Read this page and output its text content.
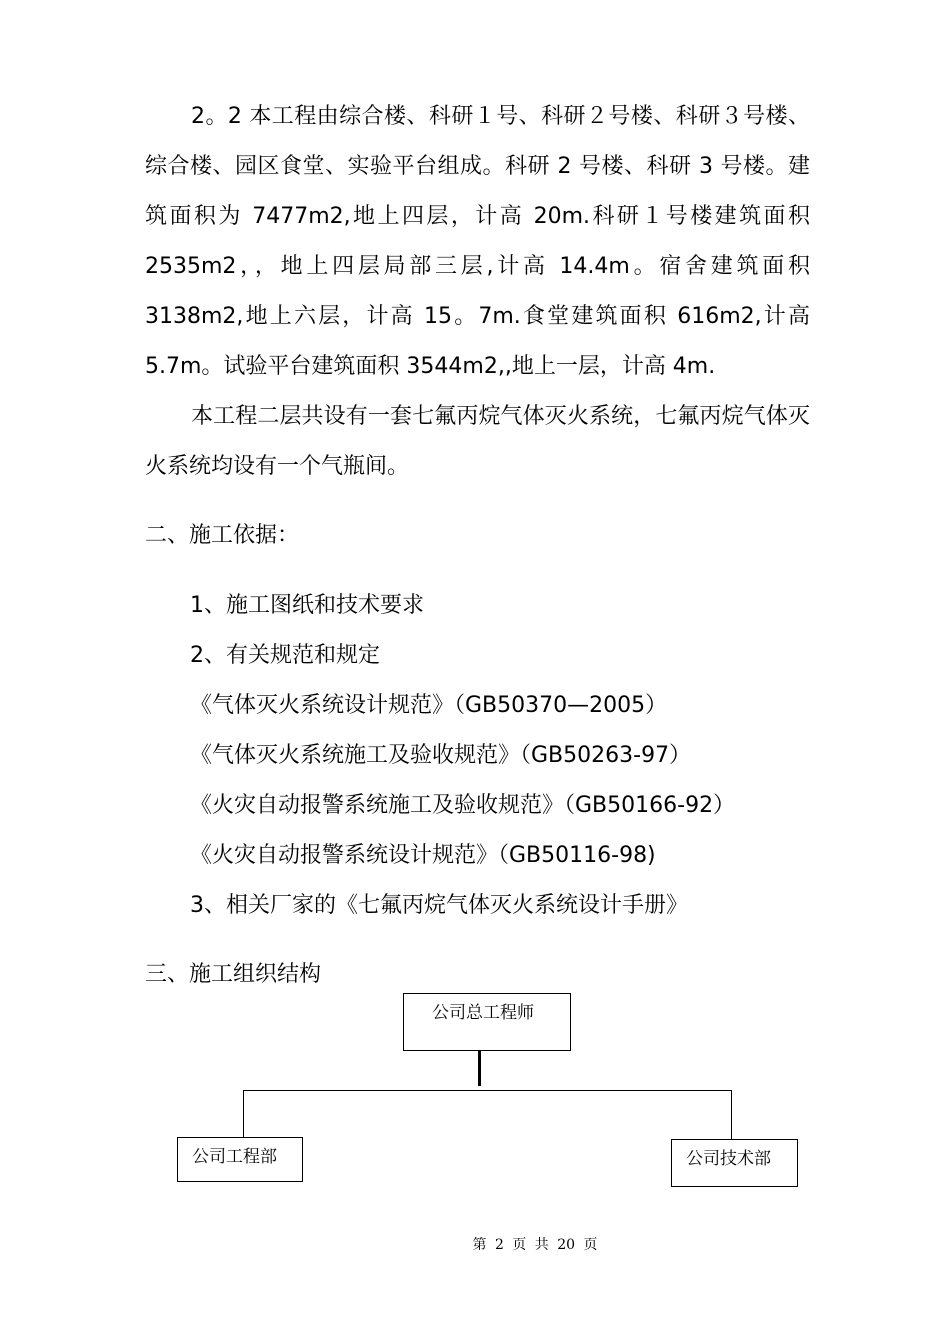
2。2 本工程由综合楼、科研１号、科研２号楼、科研３号楼、综合楼、园区食堂、实验平台组成。科研 2 号楼、科研 3 号楼。建筑面积为 7477m2,地上四层，计高 20m.科研１号楼建筑面积 2535m2，，地上四层局部三层,计高 14.4m。宿舍建筑面积 3138m2,地上六层，计高 15。7m.食堂建筑面积 616m2,计高 5.7m。试验平台建筑面积 3544m2,,地上一层，计高 4m.

本工程二层共设有一套七氟丙烷气体灭火系统，七氟丙烷气体灭火系统均设有一个气瓶间。

二、施工依据：

1、施工图纸和技术要求
2、有关规范和规定
《气体灭火系统设计规范》（GB50370—2005）
《气体灭火系统施工及验收规范》（GB50263-97）
《火灾自动报警系统施工及验收规范》（GB50166-92）
《火灾自动报警系统设计规范》（GB50116-98)
3、相关厂家的《七氟丙烷气体灭火系统设计手册》

三、施工组织结构

公司总工程师
公司工程部	公司技术部
第 2 页 共 20 页
